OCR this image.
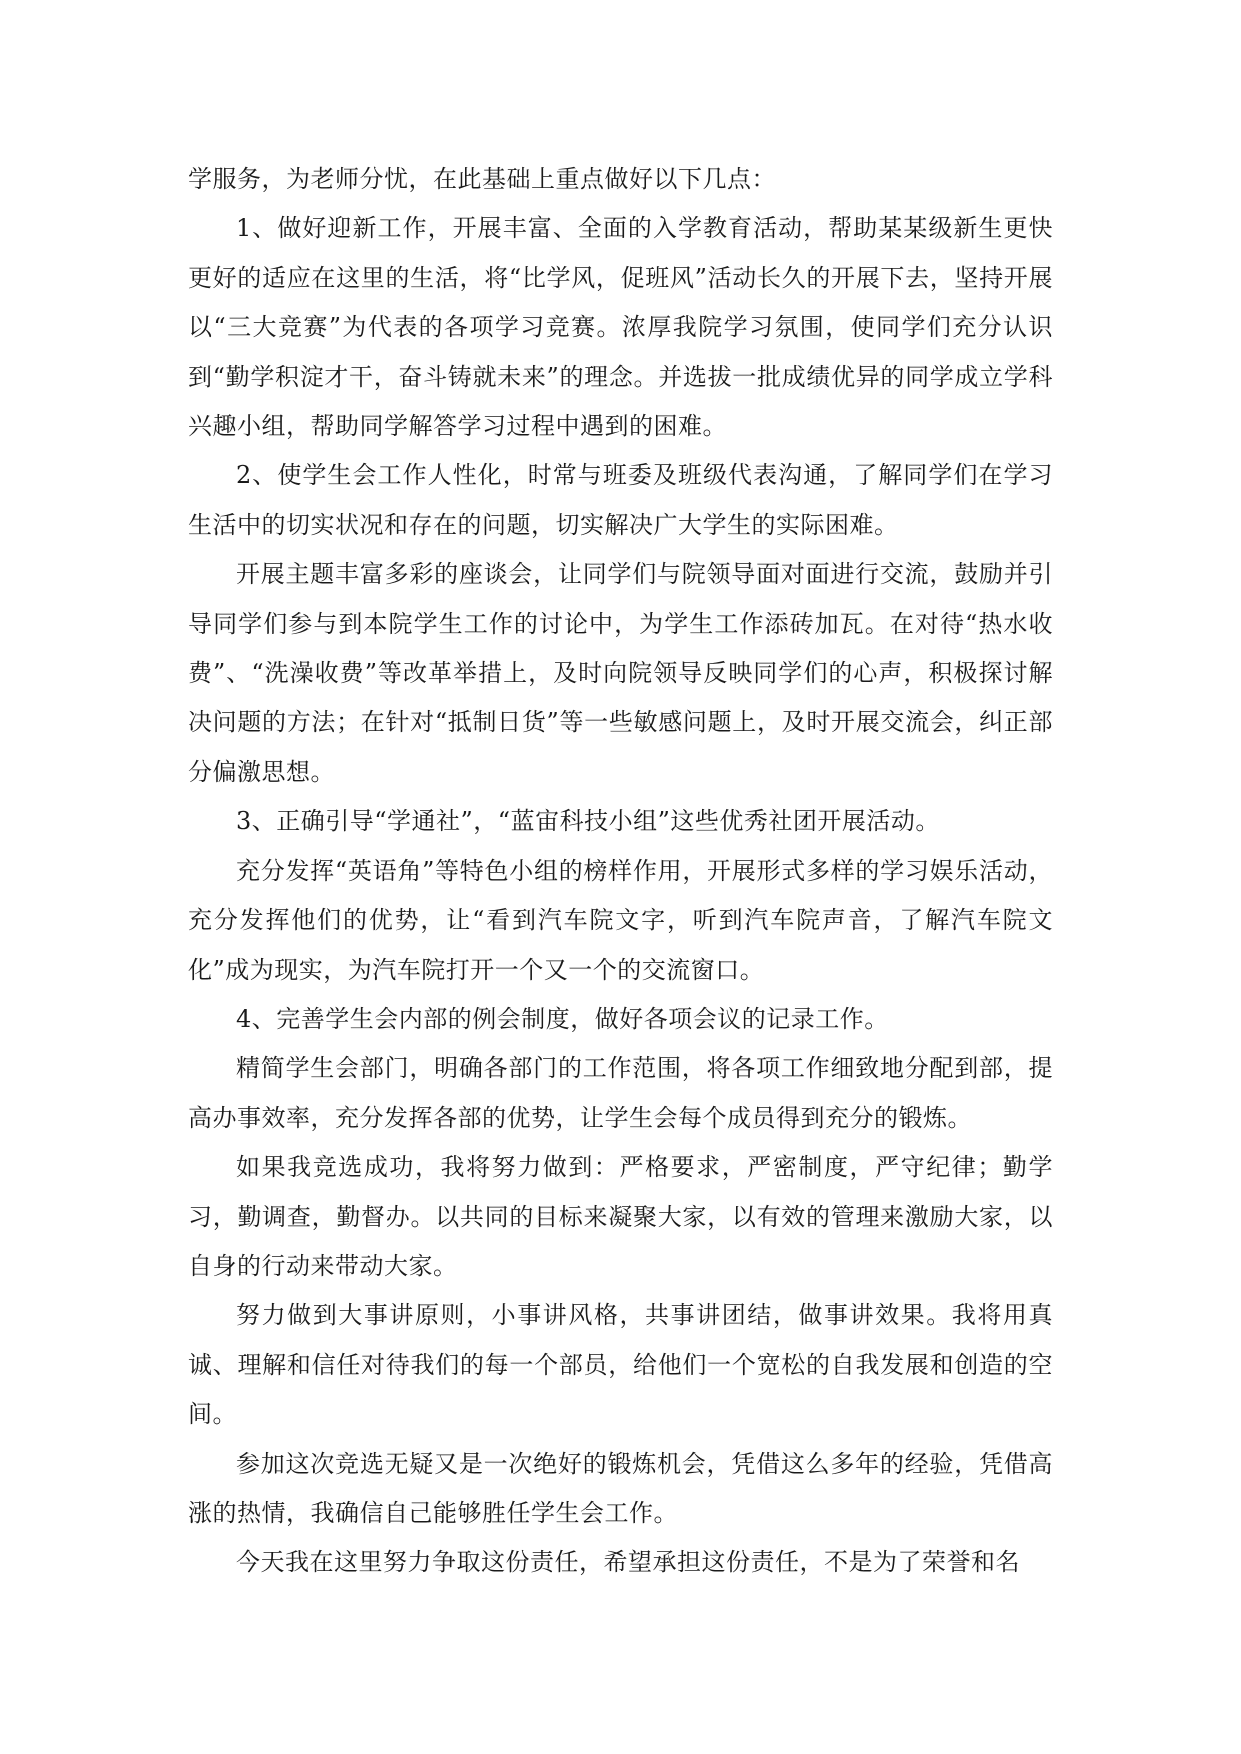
学服务，为老师分忧，在此基础上重点做好以下几点：

1、做好迎新工作，开展丰富、全面的入学教育活动，帮助某某级新生更快更好的适应在这里的生活，将“比学风，促班风”活动长久的开展下去，坚持开展以“三大竞赛”为代表的各项学习竞赛。浓厚我院学习氛围，使同学们充分认识到“勤学积淀才干，奋斗铸就未来”的理念。并选拔一批成绩优异的同学成立学科兴趣小组，帮助同学解答学习过程中遇到的困难。

2、使学生会工作人性化，时常与班委及班级代表沟通，了解同学们在学习生活中的切实状况和存在的问题，切实解决广大学生的实际困难。

开展主题丰富多彩的座谈会，让同学们与院领导面对面进行交流，鼓励并引导同学们参与到本院学生工作的讨论中，为学生工作添砖加瓦。在对待“热水收费”、“洗澡收费”等改革举措上，及时向院领导反映同学们的心声，积极探讨解决问题的方法；在针对“抵制日货”等一些敏感问题上，及时开展交流会，纠正部分偏激思想。

3、正确引导“学通社”，“蓝宙科技小组”这些优秀社团开展活动。

充分发挥“英语角”等特色小组的榜样作用，开展形式多样的学习娱乐活动，充分发挥他们的优势，让“看到汽车院文字，听到汽车院声音，了解汽车院文化”成为现实，为汽车院打开一个又一个的交流窗口。

4、完善学生会内部的例会制度，做好各项会议的记录工作。

精简学生会部门，明确各部门的工作范围，将各项工作细致地分配到部，提高办事效率，充分发挥各部的优势，让学生会每个成员得到充分的锻炼。

如果我竞选成功，我将努力做到：严格要求，严密制度，严守纪律；勤学习，勤调查，勤督办。以共同的目标来凝聚大家，以有效的管理来激励大家，以自身的行动来带动大家。

努力做到大事讲原则，小事讲风格，共事讲团结，做事讲效果。我将用真诚、理解和信任对待我们的每一个部员，给他们一个宽松的自我发展和创造的空间。

参加这次竞选无疑又是一次绝好的锻炼机会，凭借这么多年的经验，凭借高涨的热情，我确信自己能够胜任学生会工作。

今天我在这里努力争取这份责任，希望承担这份责任，不是为了荣誉和名
